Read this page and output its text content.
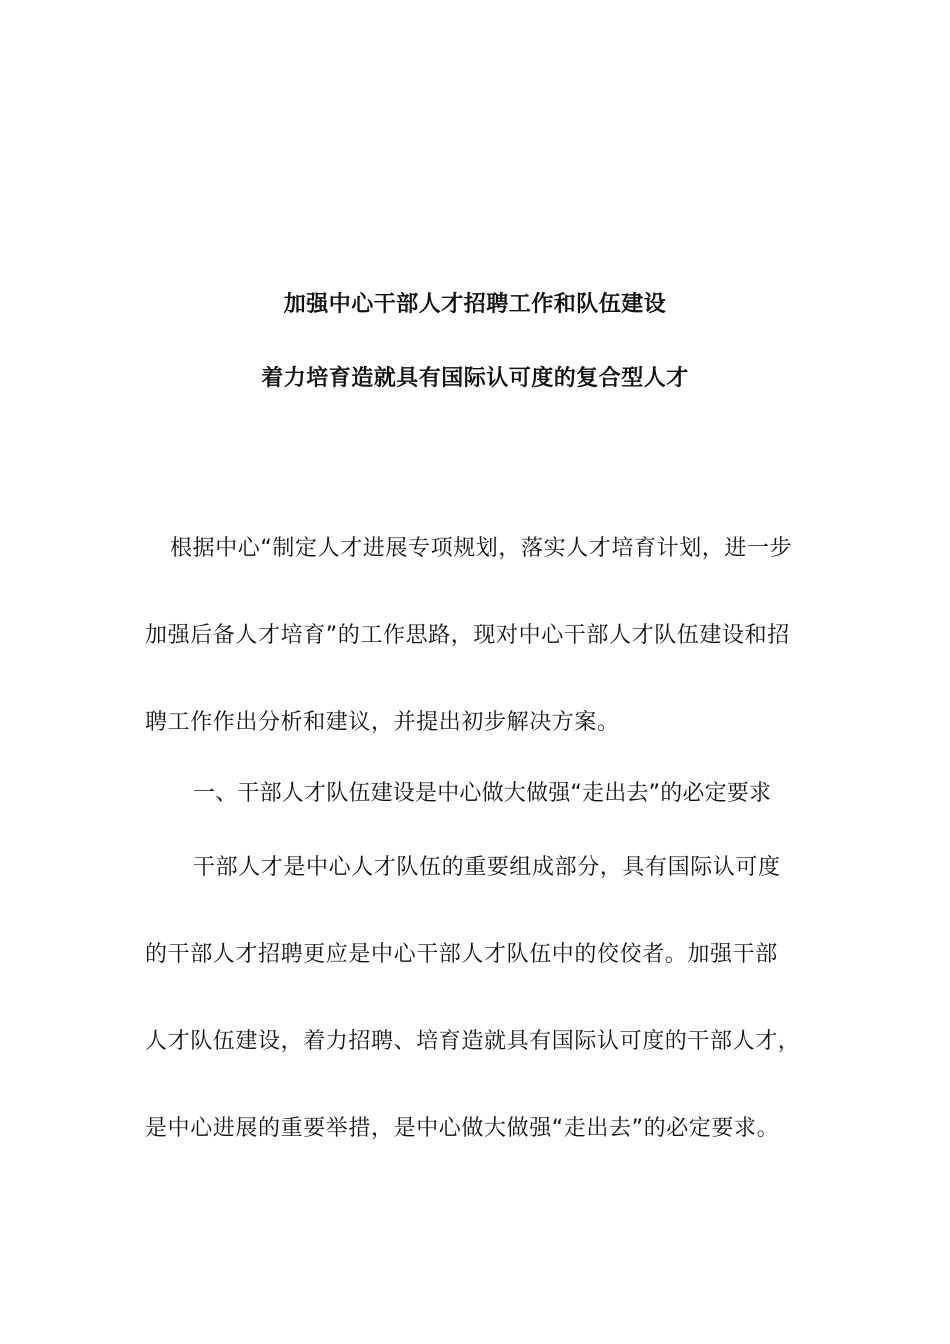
加强中心干部人才招聘工作和队伍建设
着力培育造就具有国际认可度的复合型人才
根据中心“制定人才进展专项规划，落实人才培育计划，进一步
加强后备人才培育”的工作思路，现对中心干部人才队伍建设和招
聘工作作出分析和建议，并提出初步解决方案。
一、干部人才队伍建设是中心做大做强“走出去”的必定要求
干部人才是中心人才队伍的重要组成部分，具有国际认可度
的干部人才招聘更应是中心干部人才队伍中的佼佼者。加强干部
人才队伍建设，着力招聘、培育造就具有国际认可度的干部人才，
是中心进展的重要举措，是中心做大做强“走出去”的必定要求。
